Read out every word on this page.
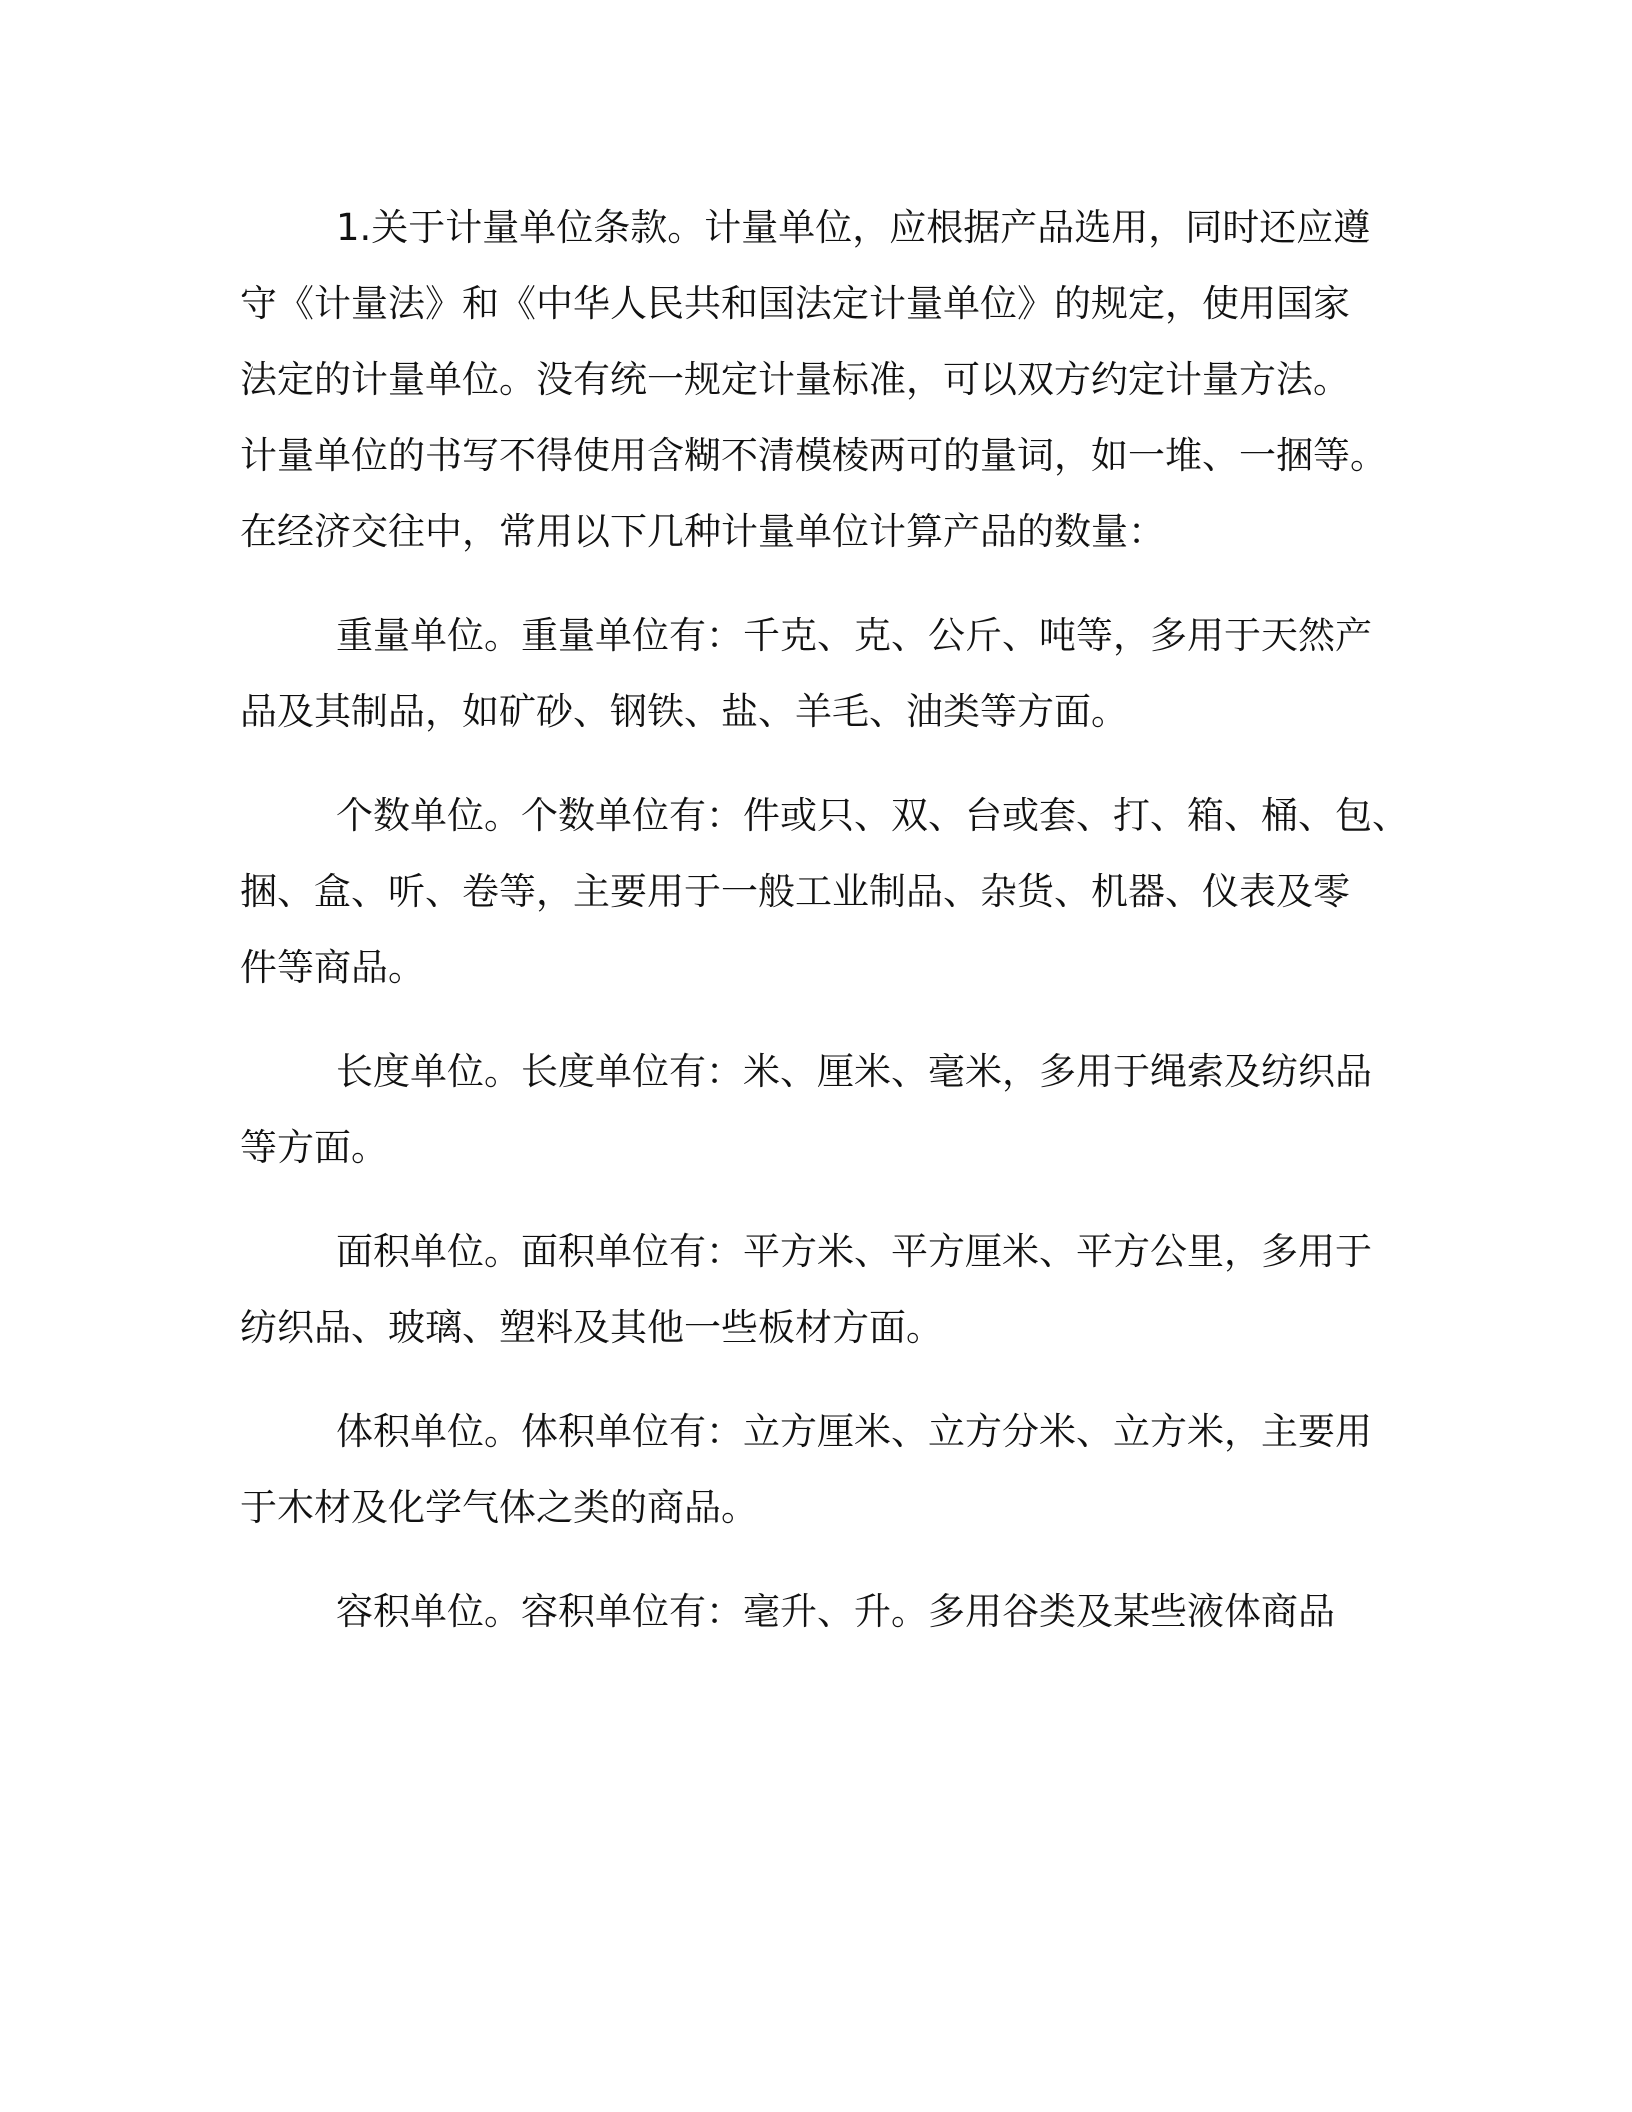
1.关于计量单位条款。计量单位，应根据产品选用，同时还应遵
守《计量法》和《中华人民共和国法定计量单位》的规定，使用国家
法定的计量单位。没有统一规定计量标准，可以双方约定计量方法。
计量单位的书写不得使用含糊不清模棱两可的量词，如一堆、一捆等。
在经济交往中，常用以下几种计量单位计算产品的数量：
重量单位。重量单位有：千克、克、公斤、吨等，多用于天然产
品及其制品，如矿砂、钢铁、盐、羊毛、油类等方面。
个数单位。个数单位有：件或只、双、台或套、打、箱、桶、包、
捆、盒、听、卷等，主要用于一般工业制品、杂货、机器、仪表及零
件等商品。
长度单位。长度单位有：米、厘米、毫米，多用于绳索及纺织品
等方面。
面积单位。面积单位有：平方米、平方厘米、平方公里，多用于
纺织品、玻璃、塑料及其他一些板材方面。
体积单位。体积单位有：立方厘米、立方分米、立方米，主要用
于木材及化学气体之类的商品。
容积单位。容积单位有：毫升、升。多用谷类及某些液体商品
